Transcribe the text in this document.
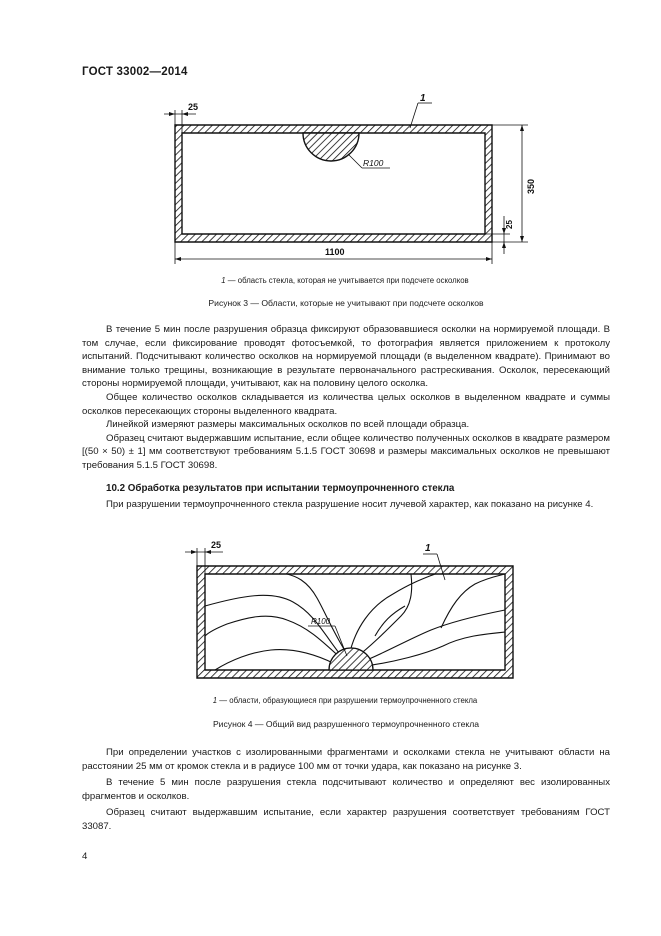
ГОСТ 33002—2014
25
1
R100
350
25
1100
1 — область стекла, которая не учитывается при подсчете осколков
Рисунок 3 — Области, которые не учитывают при подсчете осколков

В течение 5 мин после разрушения образца фиксируют образовавшиеся осколки на нормируемой площади. В том случае, если фиксирование проводят фотосъемкой, то фотография является приложением к протоколу испытаний. Подсчитывают количество осколков на нормируемой площади (в выделенном квадрате). Принимают во внимание только трещины, возникающие в результате первоначального растрескивания. Осколок, пересекающий стороны нормируемой площади, учитывают, как на половину целого осколка.

Общее количество осколков складывается из количества целых осколков в выделенном квадрате и суммы осколков пересекающих стороны выделенного квадрата.

Линейкой измеряют размеры максимальных осколков по всей площади образца.

Образец считают выдержавшим испытание, если общее количество полученных осколков в квадрате размером [(50 × 50) ± 1] мм соответствуют требованиям 5.1.5 ГОСТ 30698 и размеры максимальных осколков не превышают требования 5.1.5 ГОСТ 30698.

10.2 Обработка результатов при испытании термоупрочненного стекла

При разрушении термоупрочненного стекла разрушение носит лучевой характер, как показано на рисунке 4.

25	1
R100
1 — области, образующиеся при разрушении термоупрочненного стекла
Рисунок 4 — Общий вид разрушенного термоупрочненного стекла

При определении участков с изолированными фрагментами и осколками стекла не учитывают области на расстоянии 25 мм от кромок стекла и в радиусе 100 мм от точки удара, как показано на рисунке 3.

В течение 5 мин после разрушения стекла подсчитывают количество и определяют вес изолированных фрагментов и осколков.

Образец считают выдержавшим испытание, если характер разрушения соответствует требованиям ГОСТ 33087.

4
